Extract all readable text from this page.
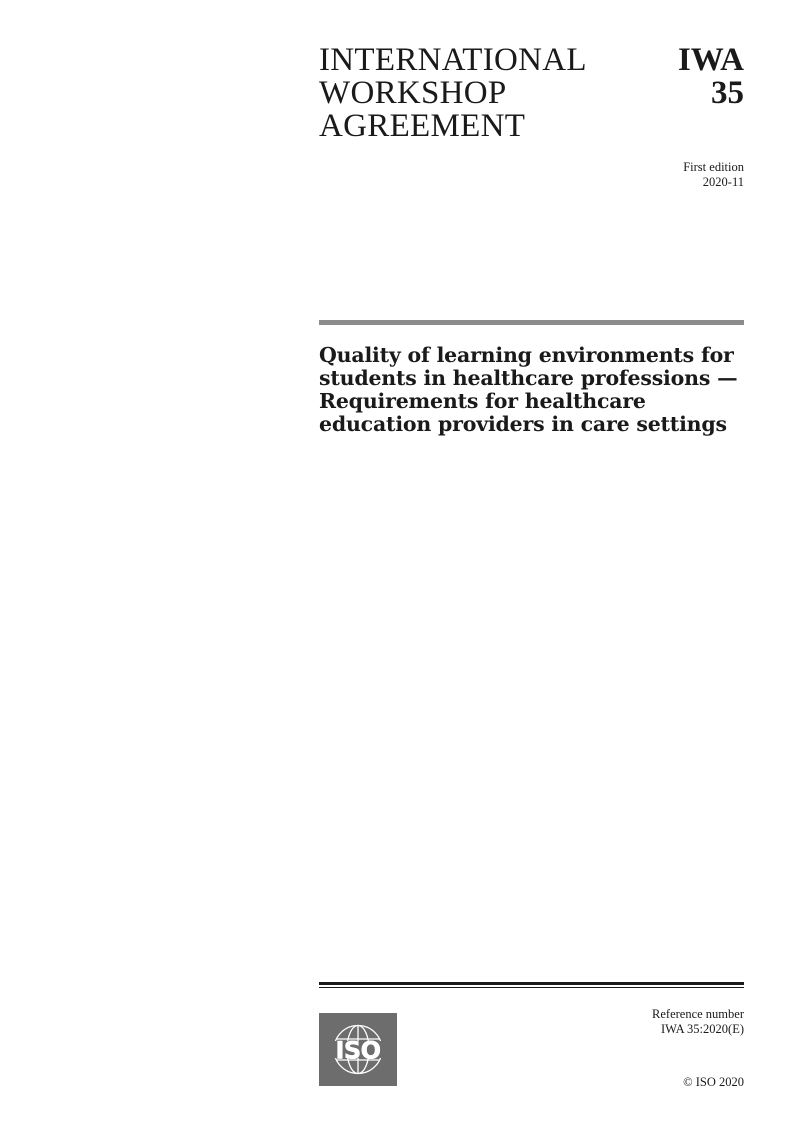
INTERNATIONAL
WORKSHOP
AGREEMENT
IWA
35
First edition
2020-11
Quality of learning environments for students in healthcare professions — Requirements for healthcare education providers in care settings
Reference number
IWA 35:2020(E)
© ISO 2020
ISO
